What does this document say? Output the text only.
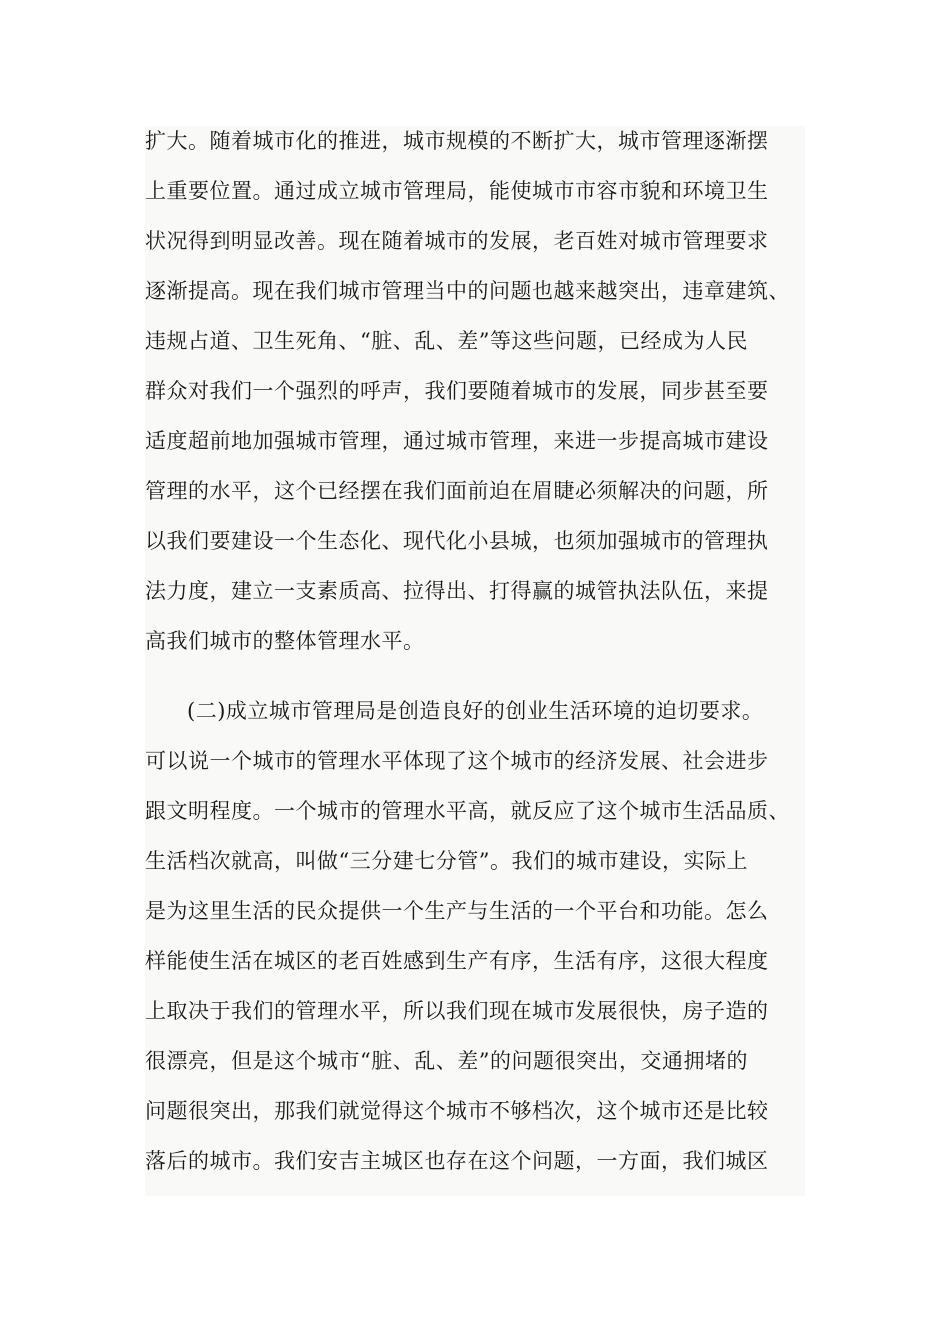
扩大。随着城市化的推进，城市规模的不断扩大，城市管理逐渐摆
上重要位置。通过成立城市管理局，能使城市市容市貌和环境卫生
状况得到明显改善。现在随着城市的发展，老百姓对城市管理要求
逐渐提高。现在我们城市管理当中的问题也越来越突出，违章建筑、
违规占道、卫生死角、“脏、乱、差”等这些问题，已经成为人民
群众对我们一个强烈的呼声，我们要随着城市的发展，同步甚至要
适度超前地加强城市管理，通过城市管理，来进一步提高城市建设
管理的水平，这个已经摆在我们面前迫在眉睫必须解决的问题，所
以我们要建设一个生态化、现代化小县城，也须加强城市的管理执
法力度，建立一支素质高、拉得出、打得赢的城管执法队伍，来提
高我们城市的整体管理水平。
(二)成立城市管理局是创造良好的创业生活环境的迫切要求。
可以说一个城市的管理水平体现了这个城市的经济发展、社会进步
跟文明程度。一个城市的管理水平高，就反应了这个城市生活品质、
生活档次就高，叫做“三分建七分管”。我们的城市建设，实际上
是为这里生活的民众提供一个生产与生活的一个平台和功能。怎么
样能使生活在城区的老百姓感到生产有序，生活有序，这很大程度
上取决于我们的管理水平，所以我们现在城市发展很快，房子造的
很漂亮，但是这个城市“脏、乱、差”的问题很突出，交通拥堵的
问题很突出，那我们就觉得这个城市不够档次，这个城市还是比较
落后的城市。我们安吉主城区也存在这个问题，一方面，我们城区
